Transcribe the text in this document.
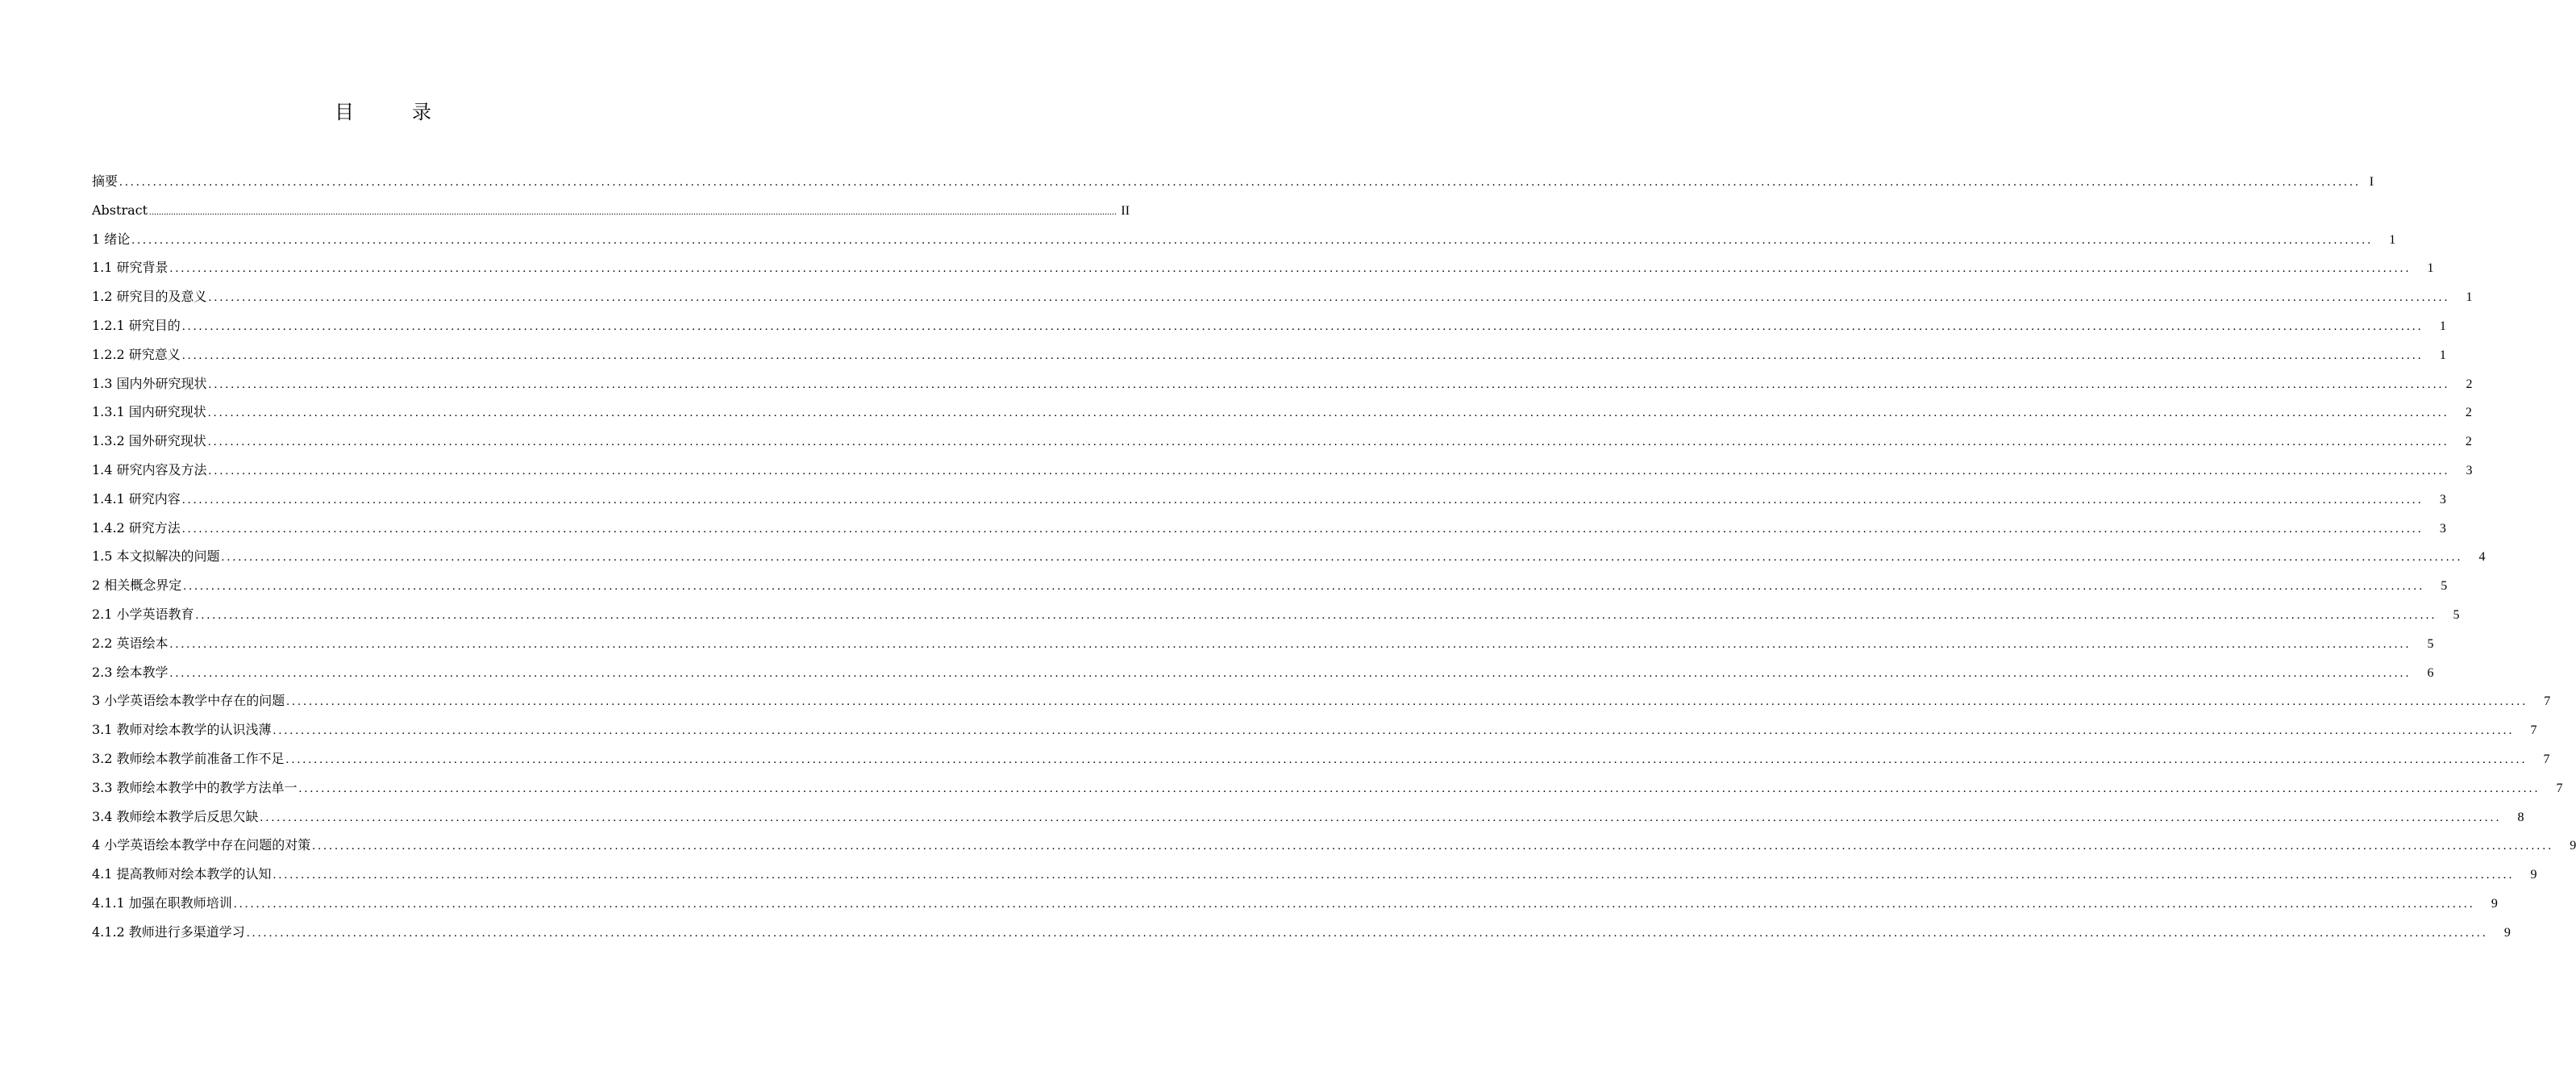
目　录
摘要 ................................................................................................................................................................................................................................................................................................................................................................................................................ I
Abstract ................................................................................................................................................................................................................................................................................................................................................................................................................ II
1 绪论 ................................................................................................................................................................................................................................................................................................................................................................................................................	1
1.1 研究背景 ................................................................................................................................................................................................................................................................................................................................................................................................................	1
1.2 研究目的及意义 ................................................................................................................................................................................................................................................................................................................................................................................................................	1
1.2.1 研究目的 ................................................................................................................................................................................................................................................................................................................................................................................................................	1
1.2.2 研究意义 ................................................................................................................................................................................................................................................................................................................................................................................................................	1
1.3 国内外研究现状 ................................................................................................................................................................................................................................................................................................................................................................................................................	2
1.3.1 国内研究现状 ................................................................................................................................................................................................................................................................................................................................................................................................................	2
1.3.2 国外研究现状 ................................................................................................................................................................................................................................................................................................................................................................................................................	2
1.4 研究内容及方法 ................................................................................................................................................................................................................................................................................................................................................................................................................	3
1.4.1 研究内容 ................................................................................................................................................................................................................................................................................................................................................................................................................	3
1.4.2 研究方法 ................................................................................................................................................................................................................................................................................................................................................................................................................	3
1.5 本文拟解决的问题 ................................................................................................................................................................................................................................................................................................................................................................................................................	4
2 相关概念界定 ................................................................................................................................................................................................................................................................................................................................................................................................................	5
2.1 小学英语教育 ................................................................................................................................................................................................................................................................................................................................................................................................................	5
2.2 英语绘本 ................................................................................................................................................................................................................................................................................................................................................................................................................	5
2.3 绘本教学 ................................................................................................................................................................................................................................................................................................................................................................................................................	6
3 小学英语绘本教学中存在的问题 ................................................................................................................................................................................................................................................................................................................................................................................................................	7
3.1 教师对绘本教学的认识浅薄 ................................................................................................................................................................................................................................................................................................................................................................................................................	7
3.2 教师绘本教学前准备工作不足 ................................................................................................................................................................................................................................................................................................................................................................................................................	7
3.3 教师绘本教学中的教学方法单一 ................................................................................................................................................................................................................................................................................................................................................................................................................	7
3.4 教师绘本教学后反思欠缺 ................................................................................................................................................................................................................................................................................................................................................................................................................	8
4 小学英语绘本教学中存在问题的对策 ................................................................................................................................................................................................................................................................................................................................................................................................................	9
4.1 提高教师对绘本教学的认知 ................................................................................................................................................................................................................................................................................................................................................................................................................	9
4.1.1 加强在职教师培训 ................................................................................................................................................................................................................................................................................................................................................................................................................	9
4.1.2 教师进行多渠道学习 ................................................................................................................................................................................................................................................................................................................................................................................................................	9
